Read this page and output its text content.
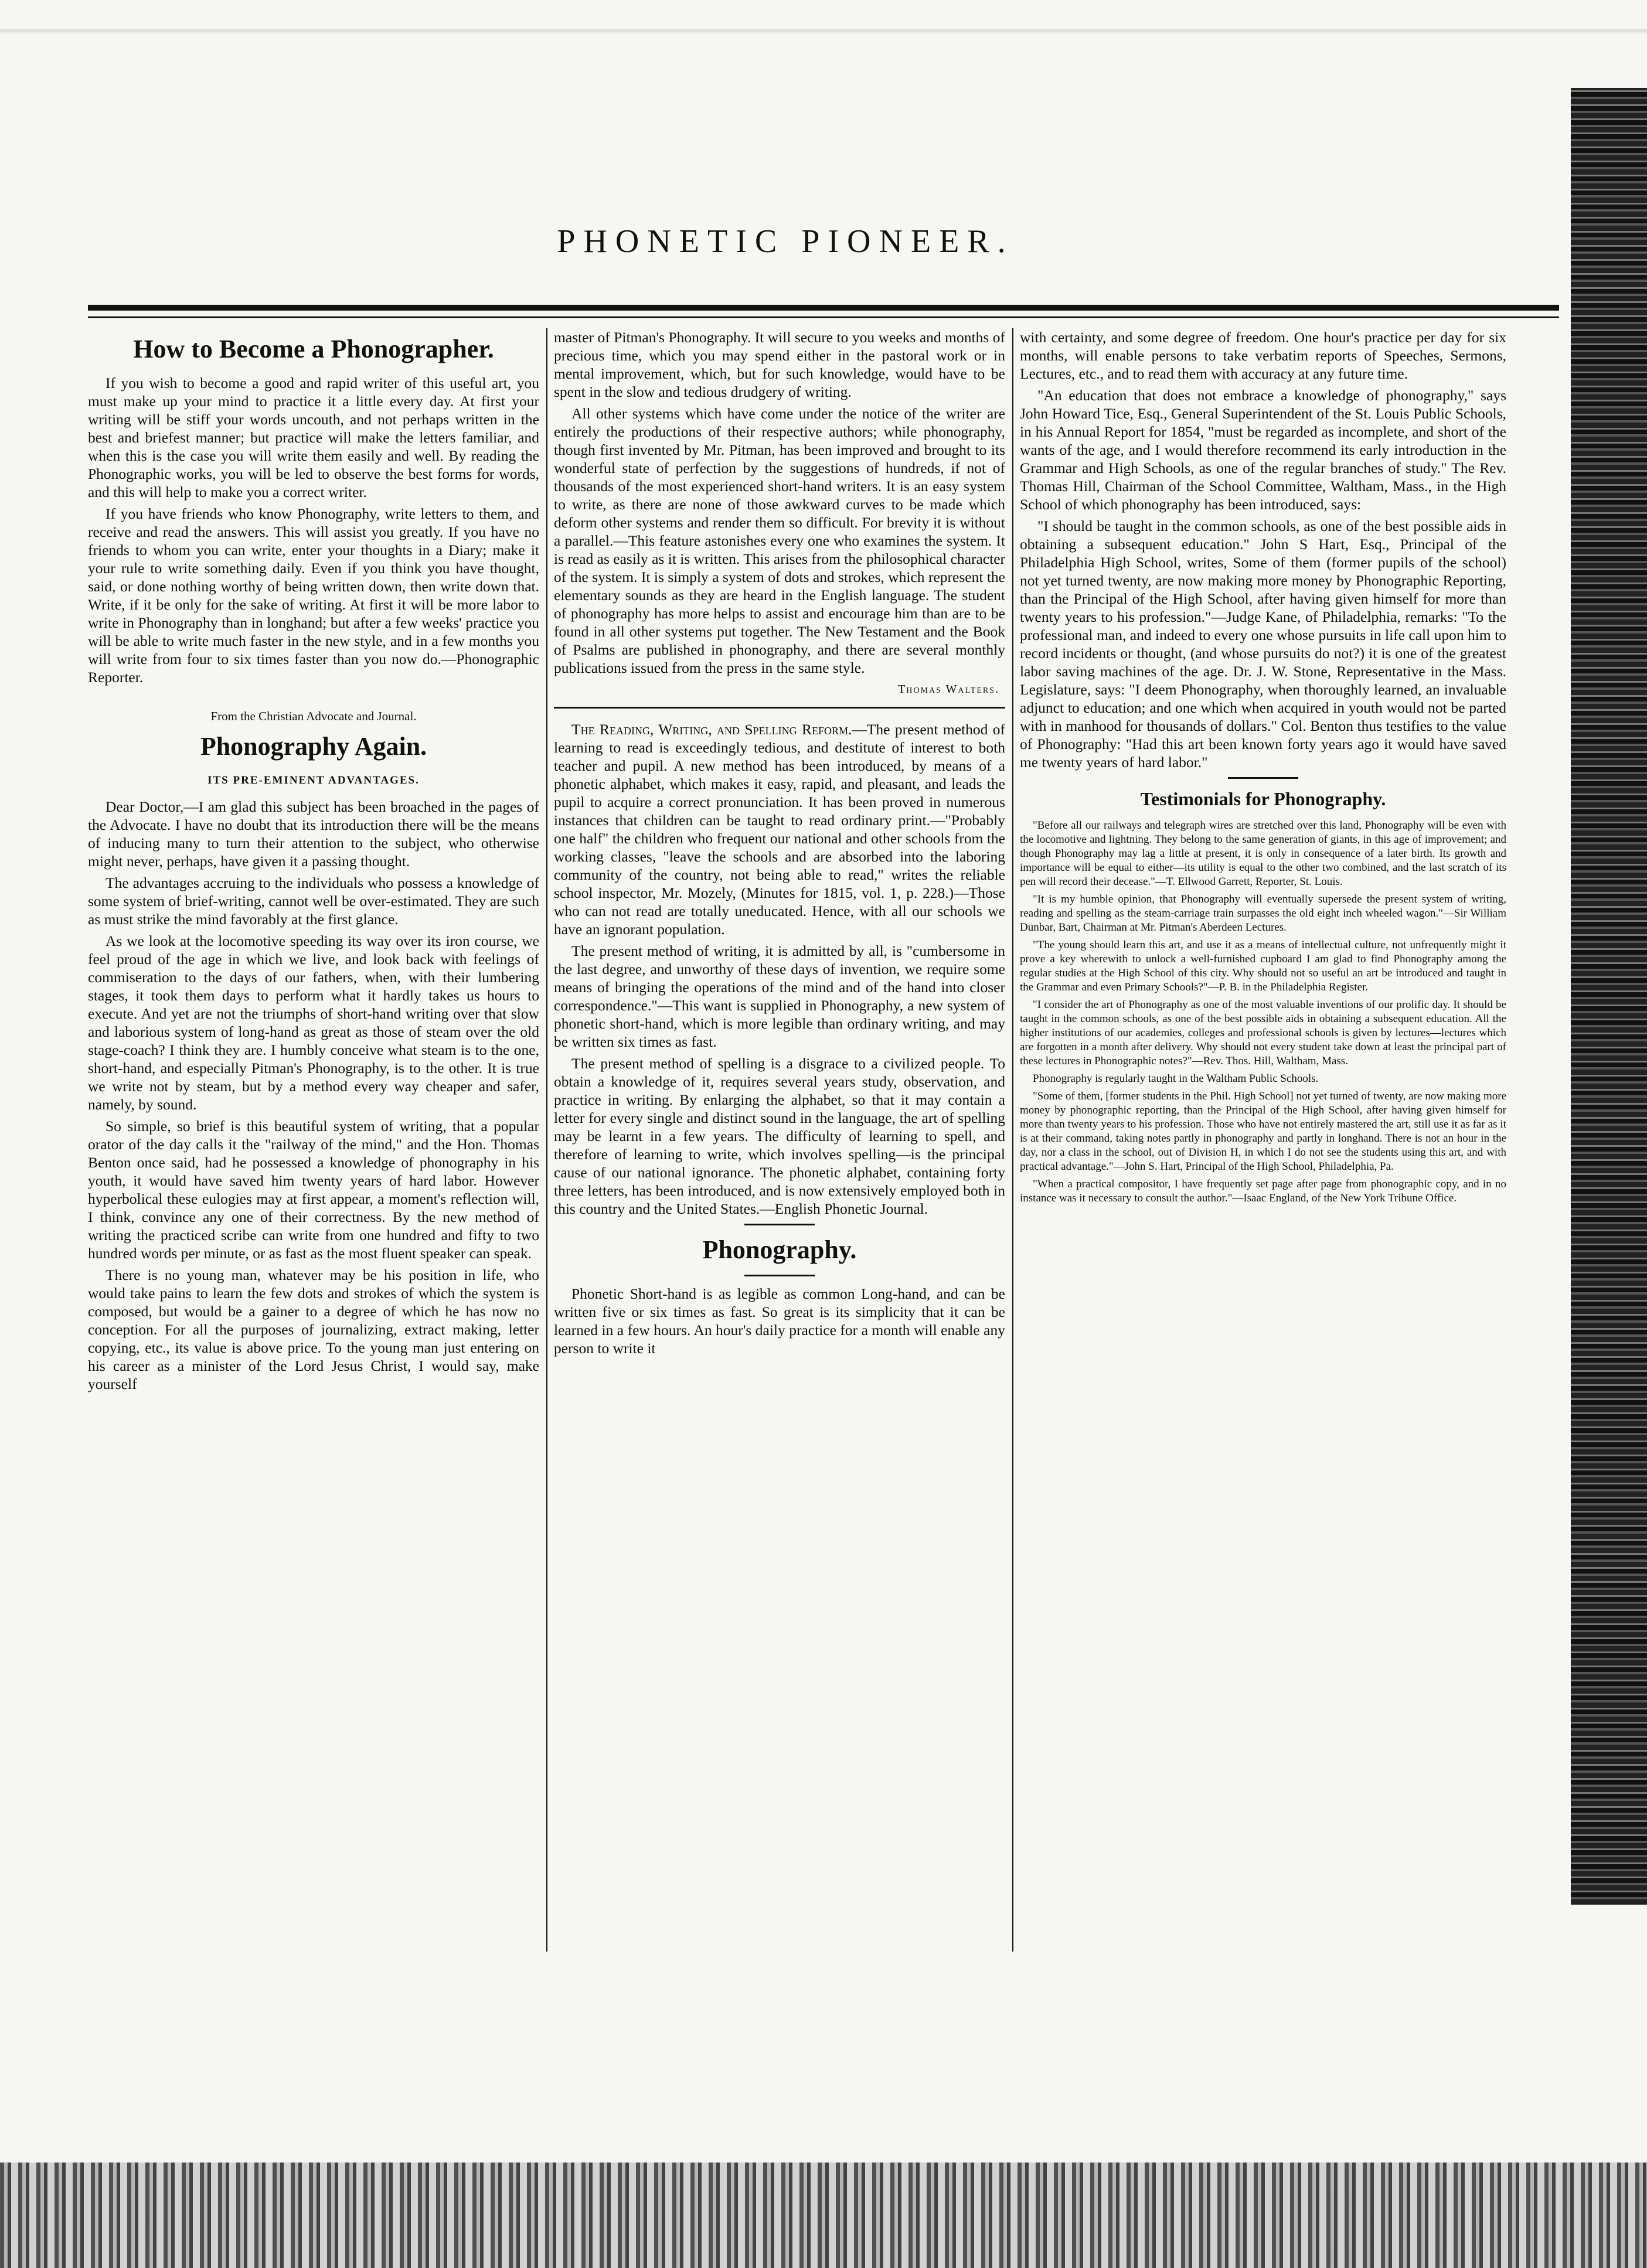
PHONETIC PIONEER.
How to Become a Phonographer.

If you wish to become a good and rapid writer of this useful art, you must make up your mind to practice it a little every day. At first your writing will be stiff your words uncouth, and not perhaps written in the best and briefest manner; but practice will make the letters familiar, and when this is the case you will write them easily and well. By reading the Phonographic works, you will be led to observe the best forms for words, and this will help to make you a correct writer.

If you have friends who know Phonography, write letters to them, and receive and read the answers. This will assist you greatly. If you have no friends to whom you can write, enter your thoughts in a Diary; make it your rule to write something daily. Even if you think you have thought, said, or done nothing worthy of being written down, then write down that. Write, if it be only for the sake of writing. At first it will be more labor to write in Phonography than in longhand; but after a few weeks' practice you will be able to write much faster in the new style, and in a few months you will write from four to six times faster than you now do.—Phonographic Reporter.

From the Christian Advocate and Journal.
Phonography Again.
ITS PRE-EMINENT ADVANTAGES.

Dear Doctor,—I am glad this subject has been broached in the pages of the Advocate. I have no doubt that its introduction there will be the means of inducing many to turn their attention to the subject, who otherwise might never, perhaps, have given it a passing thought.

The advantages accruing to the individuals who possess a knowledge of some system of brief-writing, cannot well be over-estimated. They are such as must strike the mind favorably at the first glance.

As we look at the locomotive speeding its way over its iron course, we feel proud of the age in which we live, and look back with feelings of commiseration to the days of our fathers, when, with their lumbering stages, it took them days to perform what it hardly takes us hours to execute. And yet are not the triumphs of short-hand writing over that slow and laborious system of long-hand as great as those of steam over the old stage-coach? I think they are. I humbly conceive what steam is to the one, short-hand, and especially Pitman's Phonography, is to the other. It is true we write not by steam, but by a method every way cheaper and safer, namely, by sound.

So simple, so brief is this beautiful system of writing, that a popular orator of the day calls it the "railway of the mind," and the Hon. Thomas Benton once said, had he possessed a knowledge of phonography in his youth, it would have saved him twenty years of hard labor. However hyperbolical these eulogies may at first appear, a moment's reflection will, I think, convince any one of their correctness. By the new method of writing the practiced scribe can write from one hundred and fifty to two hundred words per minute, or as fast as the most fluent speaker can speak.

There is no young man, whatever may be his position in life, who would take pains to learn the few dots and strokes of which the system is composed, but would be a gainer to a degree of which he has now no conception. For all the purposes of journalizing, extract making, letter copying, etc., its value is above price. To the young man just entering on his career as a minister of the Lord Jesus Christ, I would say, make yourself

master of Pitman's Phonography. It will secure to you weeks and months of precious time, which you may spend either in the pastoral work or in mental improvement, which, but for such knowledge, would have to be spent in the slow and tedious drudgery of writing.

All other systems which have come under the notice of the writer are entirely the productions of their respective authors; while phonography, though first invented by Mr. Pitman, has been improved and brought to its wonderful state of perfection by the suggestions of hundreds, if not of thousands of the most experienced short-hand writers. It is an easy system to write, as there are none of those awkward curves to be made which deform other systems and render them so difficult. For brevity it is without a parallel.—This feature astonishes every one who examines the system. It is read as easily as it is written. This arises from the philosophical character of the system. It is simply a system of dots and strokes, which represent the elementary sounds as they are heard in the English language. The student of phonography has more helps to assist and encourage him than are to be found in all other systems put together. The New Testament and the Book of Psalms are published in phonography, and there are several monthly publications issued from the press in the same style.

Thomas Walters.

The Reading, Writing, and Spelling Reform.—The present method of learning to read is exceedingly tedious, and destitute of interest to both teacher and pupil. A new method has been introduced, by means of a phonetic alphabet, which makes it easy, rapid, and pleasant, and leads the pupil to acquire a correct pronunciation. It has been proved in numerous instances that children can be taught to read ordinary print.—"Probably one half" the children who frequent our national and other schools from the working classes, "leave the schools and are absorbed into the laboring community of the country, not being able to read," writes the reliable school inspector, Mr. Mozely, (Minutes for 1815, vol. 1, p. 228.)—Those who can not read are totally uneducated. Hence, with all our schools we have an ignorant population.

The present method of writing, it is admitted by all, is "cumbersome in the last degree, and unworthy of these days of invention, we require some means of bringing the operations of the mind and of the hand into closer correspondence."—This want is supplied in Phonography, a new system of phonetic short-hand, which is more legible than ordinary writing, and may be written six times as fast.

The present method of spelling is a disgrace to a civilized people. To obtain a knowledge of it, requires several years study, observation, and practice in writing. By enlarging the alphabet, so that it may contain a letter for every single and distinct sound in the language, the art of spelling may be learnt in a few years. The difficulty of learning to spell, and therefore of learning to write, which involves spelling—is the principal cause of our national ignorance. The phonetic alphabet, containing forty three letters, has been introduced, and is now extensively employed both in this country and the United States.—English Phonetic Journal.

Phonography.

Phonetic Short-hand is as legible as common Long-hand, and can be written five or six times as fast. So great is its simplicity that it can be learned in a few hours. An hour's daily practice for a month will enable any person to write it

with certainty, and some degree of freedom. One hour's practice per day for six months, will enable persons to take verbatim reports of Speeches, Sermons, Lectures, etc., and to read them with accuracy at any future time.

"An education that does not embrace a knowledge of phonography," says John Howard Tice, Esq., General Superintendent of the St. Louis Public Schools, in his Annual Report for 1854, "must be regarded as incomplete, and short of the wants of the age, and I would therefore recommend its early introduction in the Grammar and High Schools, as one of the regular branches of study." The Rev. Thomas Hill, Chairman of the School Committee, Waltham, Mass., in the High School of which phonography has been introduced, says:

"I should be taught in the common schools, as one of the best possible aids in obtaining a subsequent education." John S Hart, Esq., Principal of the Philadelphia High School, writes, Some of them (former pupils of the school) not yet turned twenty, are now making more money by Phonographic Reporting, than the Principal of the High School, after having given himself for more than twenty years to his profession."—Judge Kane, of Philadelphia, remarks: "To the professional man, and indeed to every one whose pursuits in life call upon him to record incidents or thought, (and whose pursuits do not?) it is one of the greatest labor saving machines of the age. Dr. J. W. Stone, Representative in the Mass. Legislature, says: "I deem Phonography, when thoroughly learned, an invaluable adjunct to education; and one which when acquired in youth would not be parted with in manhood for thousands of dollars." Col. Benton thus testifies to the value of Phonography: "Had this art been known forty years ago it would have saved me twenty years of hard labor."

Testimonials for Phonography.

"Before all our railways and telegraph wires are stretched over this land, Phonography will be even with the locomotive and lightning. They belong to the same generation of giants, in this age of improvement; and though Phonography may lag a little at present, it is only in consequence of a later birth. Its growth and importance will be equal to either—its utility is equal to the other two combined, and the last scratch of its pen will record their decease."—T. Ellwood Garrett, Reporter, St. Louis.

"It is my humble opinion, that Phonography will eventually supersede the present system of writing, reading and spelling as the steam-carriage train surpasses the old eight inch wheeled wagon."—Sir William Dunbar, Bart, Chairman at Mr. Pitman's Aberdeen Lectures.

"The young should learn this art, and use it as a means of intellectual culture, not unfrequently might it prove a key wherewith to unlock a well-furnished cupboard I am glad to find Phonography among the regular studies at the High School of this city. Why should not so useful an art be introduced and taught in the Grammar and even Primary Schools?"—P. B. in the Philadelphia Register.

"I consider the art of Phonography as one of the most valuable inventions of our prolific day. It should be taught in the common schools, as one of the best possible aids in obtaining a subsequent education. All the higher institutions of our academies, colleges and professional schools is given by lectures—lectures which are forgotten in a month after delivery. Why should not every student take down at least the principal part of these lectures in Phonographic notes?"—Rev. Thos. Hill, Waltham, Mass.

Phonography is regularly taught in the Waltham Public Schools.

"Some of them, [former students in the Phil. High School] not yet turned of twenty, are now making more money by phonographic reporting, than the Principal of the High School, after having given himself for more than twenty years to his profession. Those who have not entirely mastered the art, still use it as far as it is at their command, taking notes partly in phonography and partly in longhand. There is not an hour in the day, nor a class in the school, out of Division H, in which I do not see the students using this art, and with practical advantage."—John S. Hart, Principal of the High School, Philadelphia, Pa.

"When a practical compositor, I have frequently set page after page from phonographic copy, and in no instance was it necessary to consult the author."—Isaac England, of the New York Tribune Office.
